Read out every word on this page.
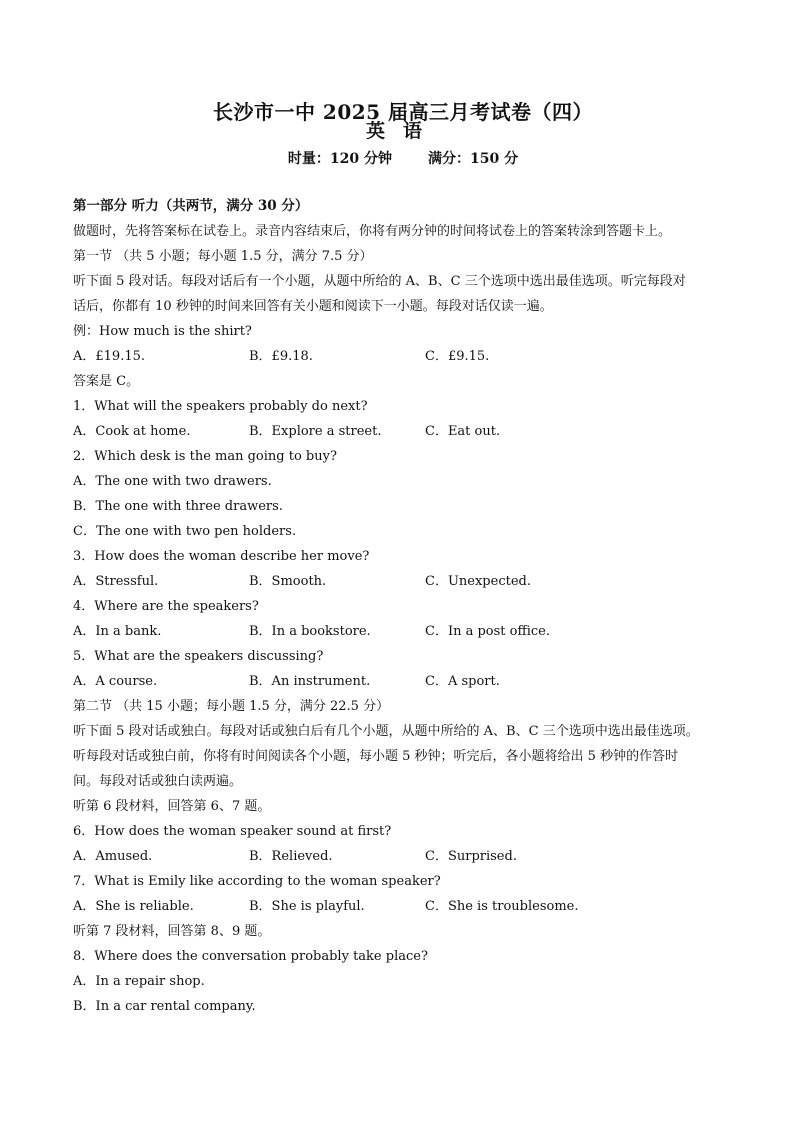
长沙市一中 2025 届高三月考试卷（四）
英语
时量：120 分钟	满分：150 分
第一部分 听力（共两节，满分 30 分）
做题时，先将答案标在试卷上。录音内容结束后，你将有两分钟的时间将试卷上的答案转涂到答题卡上。
第一节 （共 5 小题；每小题 1.5 分，满分 7.5 分）
听下面 5 段对话。每段对话后有一个小题，从题中所给的 A、B、C 三个选项中选出最佳选项。听完每段对
话后，你都有 10 秒钟的时间来回答有关小题和阅读下一小题。每段对话仅读一遍。
例：How much is the shirt?
A．£19.15.	B．£9.18.	C．£9.15.
答案是 C。
1．What will the speakers probably do next?
A．Cook at home.	B．Explore a street.	C．Eat out.
2．Which desk is the man going to buy?
A．The one with two drawers.
B．The one with three drawers.
C．The one with two pen holders.
3．How does the woman describe her move?
A．Stressful.	B．Smooth.	C．Unexpected.
4．Where are the speakers?
A．In a bank.	B．In a bookstore.	C．In a post office.
5．What are the speakers discussing?
A．A course.	B．An instrument.	C．A sport.
第二节 （共 15 小题；每小题 1.5 分，满分 22.5 分）
听下面 5 段对话或独白。每段对话或独白后有几个小题，从题中所给的 A、B、C 三个选项中选出最佳选项。
听每段对话或独白前，你将有时间阅读各个小题，每小题 5 秒钟；听完后，各小题将给出 5 秒钟的作答时
间。每段对话或独白读两遍。
听第 6 段材料，回答第 6、7 题。
6．How does the woman speaker sound at first?
A．Amused.	B．Relieved.	C．Surprised.
7．What is Emily like according to the woman speaker?
A．She is reliable.	B．She is playful.	C．She is troublesome.
听第 7 段材料，回答第 8、9 题。
8．Where does the conversation probably take place?
A．In a repair shop.
B．In a car rental company.
